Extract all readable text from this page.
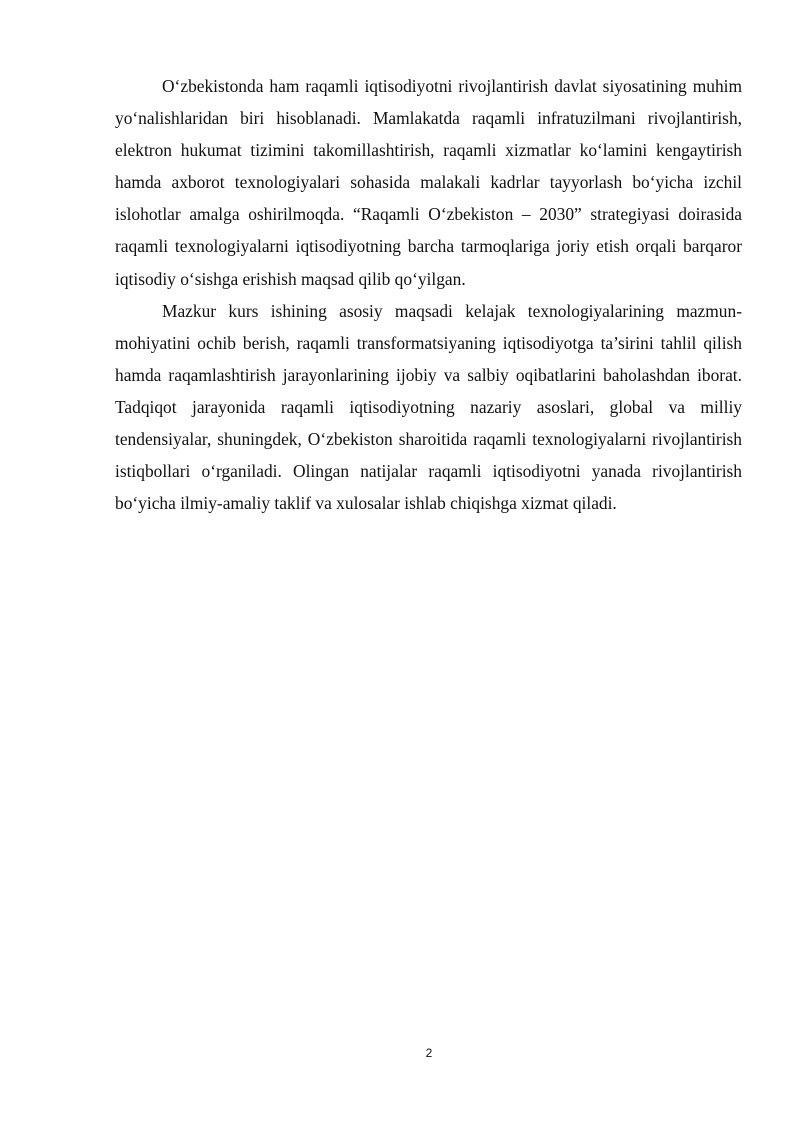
O‘zbekistonda ham raqamli iqtisodiyotni rivojlantirish davlat siyosatining muhim yo‘nalishlaridan biri hisoblanadi. Mamlakatda raqamli infratuzilmani rivojlantirish, elektron hukumat tizimini takomillashtirish, raqamli xizmatlar ko‘lamini kengaytirish hamda axborot texnologiyalari sohasida malakali kadrlar tayyorlash bo‘yicha izchil islohotlar amalga oshirilmoqda. “Raqamli O‘zbekiston – 2030” strategiyasi doirasida raqamli texnologiyalarni iqtisodiyotning barcha tarmoqlariga joriy etish orqali barqaror iqtisodiy o‘sishga erishish maqsad qilib qo‘yilgan.

Mazkur kurs ishining asosiy maqsadi kelajak texnologiyalarining mazmun-mohiyatini ochib berish, raqamli transformatsiyaning iqtisodiyotga ta’sirini tahlil qilish hamda raqamlashtirish jarayonlarining ijobiy va salbiy oqibatlarini baholashdan iborat. Tadqiqot jarayonida raqamli iqtisodiyotning nazariy asoslari, global va milliy tendensiyalar, shuningdek, O‘zbekiston sharoitida raqamli texnologiyalarni rivojlantirish istiqbollari o‘rganiladi. Olingan natijalar raqamli iqtisodiyotni yanada rivojlantirish bo‘yicha ilmiy-amaliy taklif va xulosalar ishlab chiqishga xizmat qiladi.

2
